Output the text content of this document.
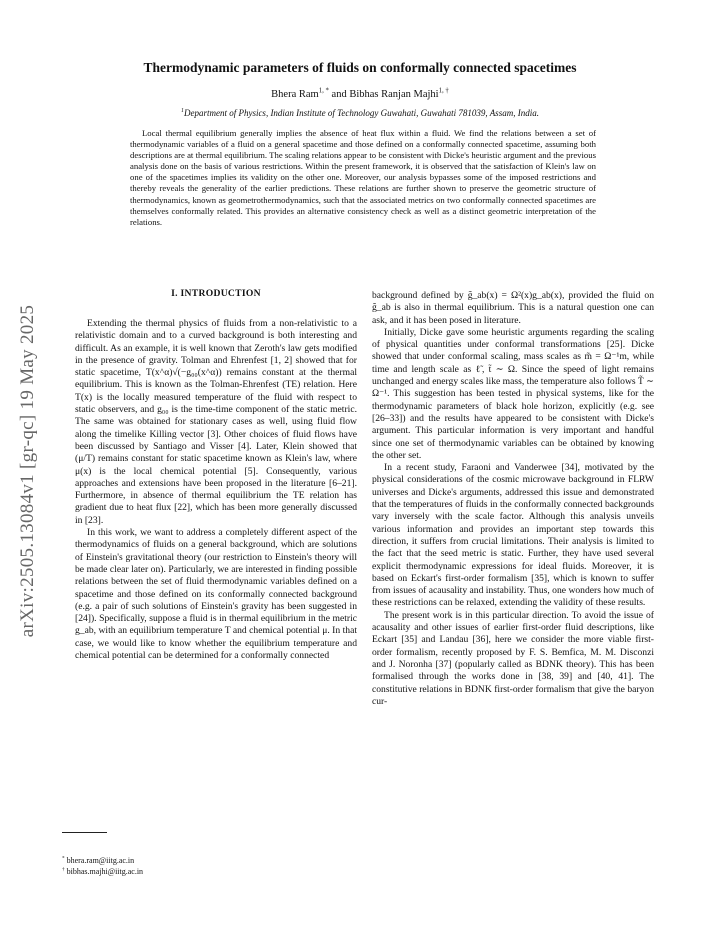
arXiv:2505.13084v1 [gr-qc] 19 May 2025
Thermodynamic parameters of fluids on conformally connected spacetimes
Bhera Ram$^{1, *}$ and Bibhas Ranjan Majhi$^{1, \dagger}$
$^1$Department of Physics, Indian Institute of Technology Guwahati, Guwahati 781039, Assam, India.

Local thermal equilibrium generally implies the absence of heat flux within a fluid. We find the relations between a set of thermodynamic variables of a fluid on a general spacetime and those defined on a conformally connected spacetime, assuming both descriptions are at thermal equilibrium. The scaling relations appear to be consistent with Dicke's heuristic argument and the previous analysis done on the basis of various restrictions. Within the present framework, it is observed that the satisfaction of Klein's law on one of the spacetimes implies its validity on the other one. Moreover, our analysis bypasses some of the imposed restrictions and thereby reveals the generality of the earlier predictions. These relations are further shown to preserve the geometric structure of thermodynamics, known as geometrothermodynamics, such that the associated metrics on two conformally connected spacetimes are themselves conformally related. This provides an alternative consistency check as well as a distinct geometric interpretation of the relations.

I. INTRODUCTION

Extending the thermal physics of fluids from a non-relativistic to a relativistic domain and to a curved background is both interesting and difficult. As an example, it is well known that Zeroth's law gets modified in the presence of gravity. Tolman and Ehrenfest [1, 2] showed that for static spacetime, T(x^α)√(−g₀₀(x^α)) remains constant at the thermal equilibrium. This is known as the Tolman-Ehrenfest (TE) relation. Here T(x) is the locally measured temperature of the fluid with respect to static observers, and g₀₀ is the time-time component of the static metric. The same was obtained for stationary cases as well, using fluid flow along the timelike Killing vector [3]. Other choices of fluid flows have been discussed by Santiago and Visser [4]. Later, Klein showed that (μ/T) remains constant for static spacetime known as Klein's law, where μ(x) is the local chemical potential [5]. Consequently, various approaches and extensions have been proposed in the literature [6–21]. Furthermore, in absence of thermal equilibrium the TE relation has gradient due to heat flux [22], which has been more generally discussed in [23].

In this work, we want to address a completely different aspect of the thermodynamics of fluids on a general background, which are solutions of Einstein's gravitational theory (our restriction to Einstein's theory will be made clear later on). Particularly, we are interested in finding possible relations between the set of fluid thermodynamic variables defined on a spacetime and those defined on its conformally connected background (e.g. a pair of such solutions of Einstein's gravity has been suggested in [24]). Specifically, suppose a fluid is in thermal equilibrium in the metric g_ab, with an equilibrium temperature T and chemical potential μ. In that case, we would like to know whether the equilibrium temperature and chemical potential can be determined for a conformally connected

background defined by g̃_ab(x) = Ω²(x)g_ab(x), provided the fluid on g̃_ab is also in thermal equilibrium. This is a natural question one can ask, and it has been posed in literature.

Initially, Dicke gave some heuristic arguments regarding the scaling of physical quantities under conformal transformations [25]. Dicke showed that under conformal scaling, mass scales as m̃ = Ω⁻¹m, while time and length scale as ℓ̃, t̃ ∼ Ω. Since the speed of light remains unchanged and energy scales like mass, the temperature also follows T̃ ∼ Ω⁻¹. This suggestion has been tested in physical systems, like for the thermodynamic parameters of black hole horizon, explicitly (e.g. see [26–33]) and the results have appeared to be consistent with Dicke's argument. This particular information is very important and handful since one set of thermodynamic variables can be obtained by knowing the other set.

In a recent study, Faraoni and Vanderwee [34], motivated by the physical considerations of the cosmic microwave background in FLRW universes and Dicke's arguments, addressed this issue and demonstrated that the temperatures of fluids in the conformally connected backgrounds vary inversely with the scale factor. Although this analysis unveils various information and provides an important step towards this direction, it suffers from crucial limitations. Their analysis is limited to the fact that the seed metric is static. Further, they have used several explicit thermodynamic expressions for ideal fluids. Moreover, it is based on Eckart's first-order formalism [35], which is known to suffer from issues of acausality and instability. Thus, one wonders how much of these restrictions can be relaxed, extending the validity of these results.

The present work is in this particular direction. To avoid the issue of acausality and other issues of earlier first-order fluid descriptions, like Eckart [35] and Landau [36], here we consider the more viable first-order formalism, recently proposed by F. S. Bemfica, M. M. Disconzi and J. Noronha [37] (popularly called as BDNK theory). This has been formalised through the works done in [38, 39] and [40, 41]. The constitutive relations in BDNK first-order formalism that give the baryon cur-

* bhera.ram@iitg.ac.in
† bibhas.majhi@iitg.ac.in
